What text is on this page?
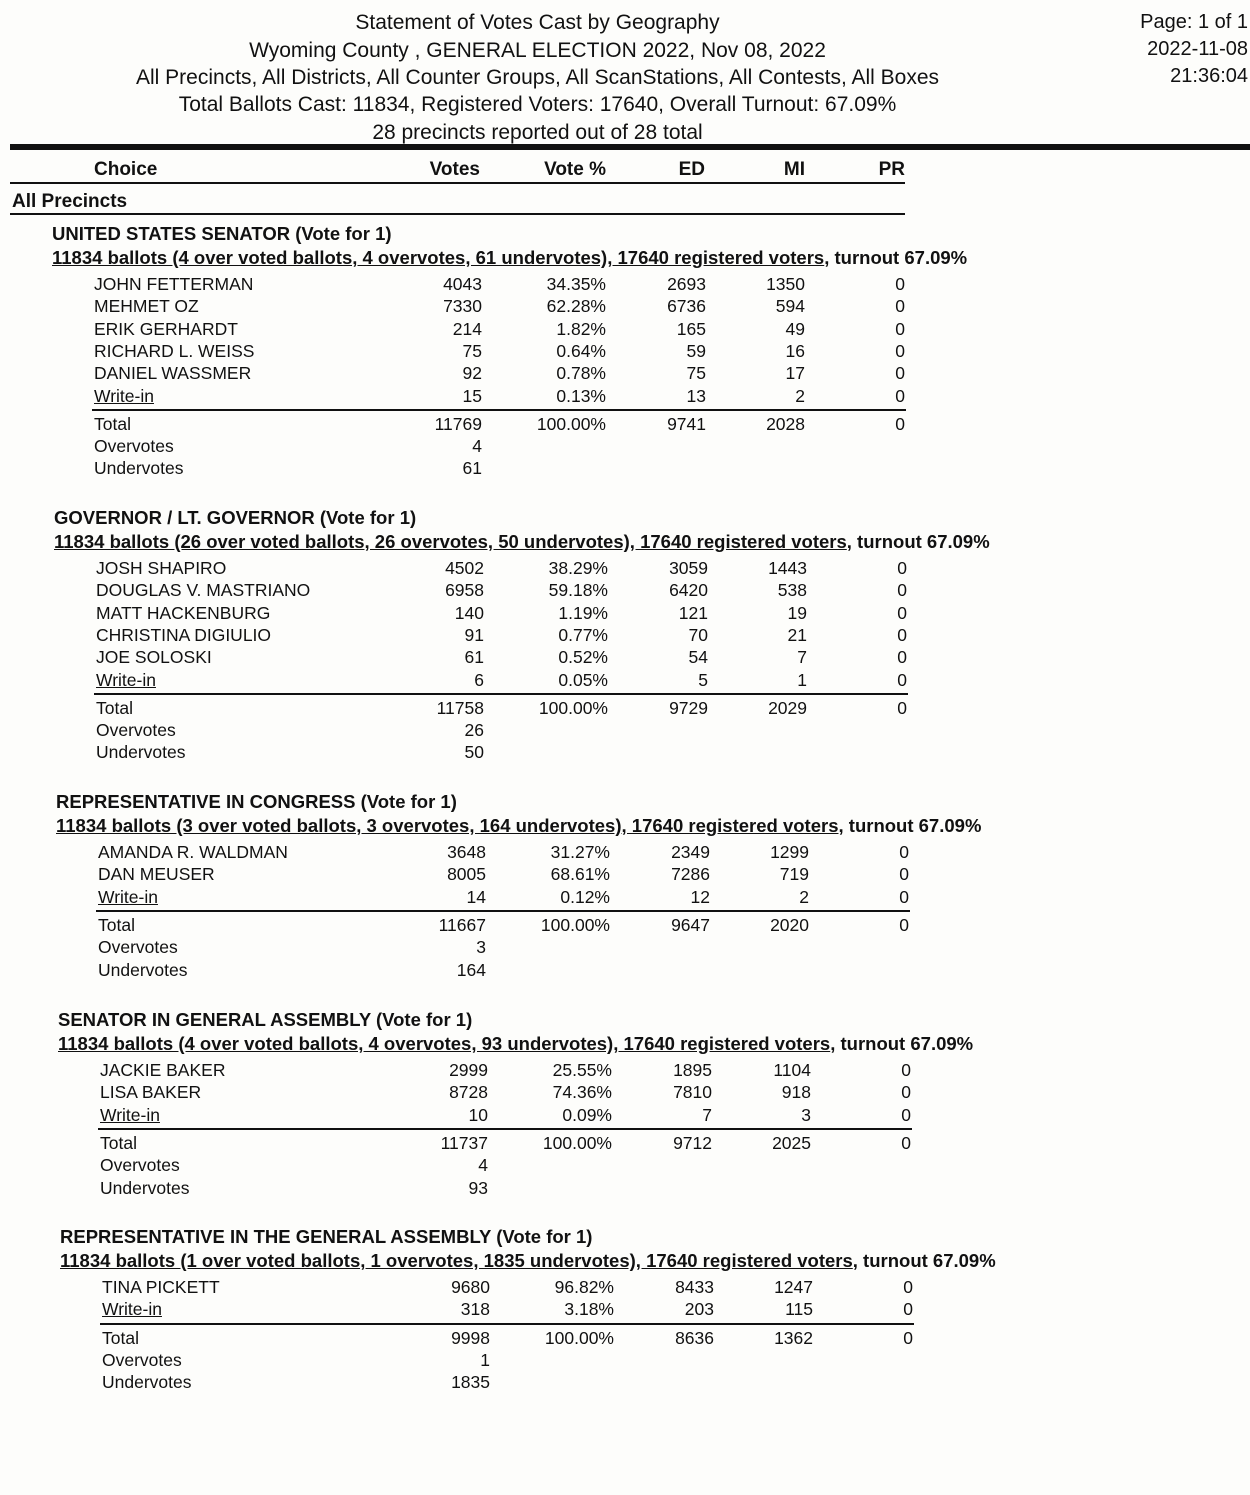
Statement of Votes Cast by Geography
Wyoming County , GENERAL ELECTION 2022, Nov 08, 2022
All Precincts, All Districts, All Counter Groups, All ScanStations, All Contests, All Boxes
Total Ballots Cast: 11834, Registered Voters: 17640, Overall Turnout: 67.09%
28 precincts reported out of 28 total
Page: 1 of 1
2022-11-08
21:36:04
Choice	Votes	Vote %	ED	MI	PR
All Precincts
UNITED STATES SENATOR (Vote for 1)
11834 ballots (4 over voted ballots, 4 overvotes, 61 undervotes), 17640 registered voters, turnout 67.09%
JOHN FETTERMAN	4043	34.35%	2693	1350	0
MEHMET OZ	7330	62.28%	6736	594	0
ERIK GERHARDT	214	1.82%	165	49	0
RICHARD L. WEISS	75	0.64%	59	16	0
DANIEL WASSMER	92	0.78%	75	17	0
Write-in	15	0.13%	13	2	0
Total	11769	100.00%	9741	2028	0
Overvotes	4
Undervotes	61
GOVERNOR / LT. GOVERNOR (Vote for 1)
11834 ballots (26 over voted ballots, 26 overvotes, 50 undervotes), 17640 registered voters, turnout 67.09%
JOSH SHAPIRO	4502	38.29%	3059	1443	0
DOUGLAS V. MASTRIANO	6958	59.18%	6420	538	0
MATT HACKENBURG	140	1.19%	121	19	0
CHRISTINA DIGIULIO	91	0.77%	70	21	0
JOE SOLOSKI	61	0.52%	54	7	0
Write-in	6	0.05%	5	1	0
Total	11758	100.00%	9729	2029	0
Overvotes	26
Undervotes	50
REPRESENTATIVE IN CONGRESS (Vote for 1)
11834 ballots (3 over voted ballots, 3 overvotes, 164 undervotes), 17640 registered voters, turnout 67.09%
AMANDA R. WALDMAN	3648	31.27%	2349	1299	0
DAN MEUSER	8005	68.61%	7286	719	0
Write-in	14	0.12%	12	2	0
Total	11667	100.00%	9647	2020	0
Overvotes	3
Undervotes	164
SENATOR IN GENERAL ASSEMBLY (Vote for 1)
11834 ballots (4 over voted ballots, 4 overvotes, 93 undervotes), 17640 registered voters, turnout 67.09%
JACKIE BAKER	2999	25.55%	1895	1104	0
LISA BAKER	8728	74.36%	7810	918	0
Write-in	10	0.09%	7	3	0
Total	11737	100.00%	9712	2025	0
Overvotes	4
Undervotes	93
REPRESENTATIVE IN THE GENERAL ASSEMBLY (Vote for 1)
11834 ballots (1 over voted ballots, 1 overvotes, 1835 undervotes), 17640 registered voters, turnout 67.09%
TINA PICKETT	9680	96.82%	8433	1247	0
Write-in	318	3.18%	203	115	0
Total	9998	100.00%	8636	1362	0
Overvotes	1
Undervotes	1835
